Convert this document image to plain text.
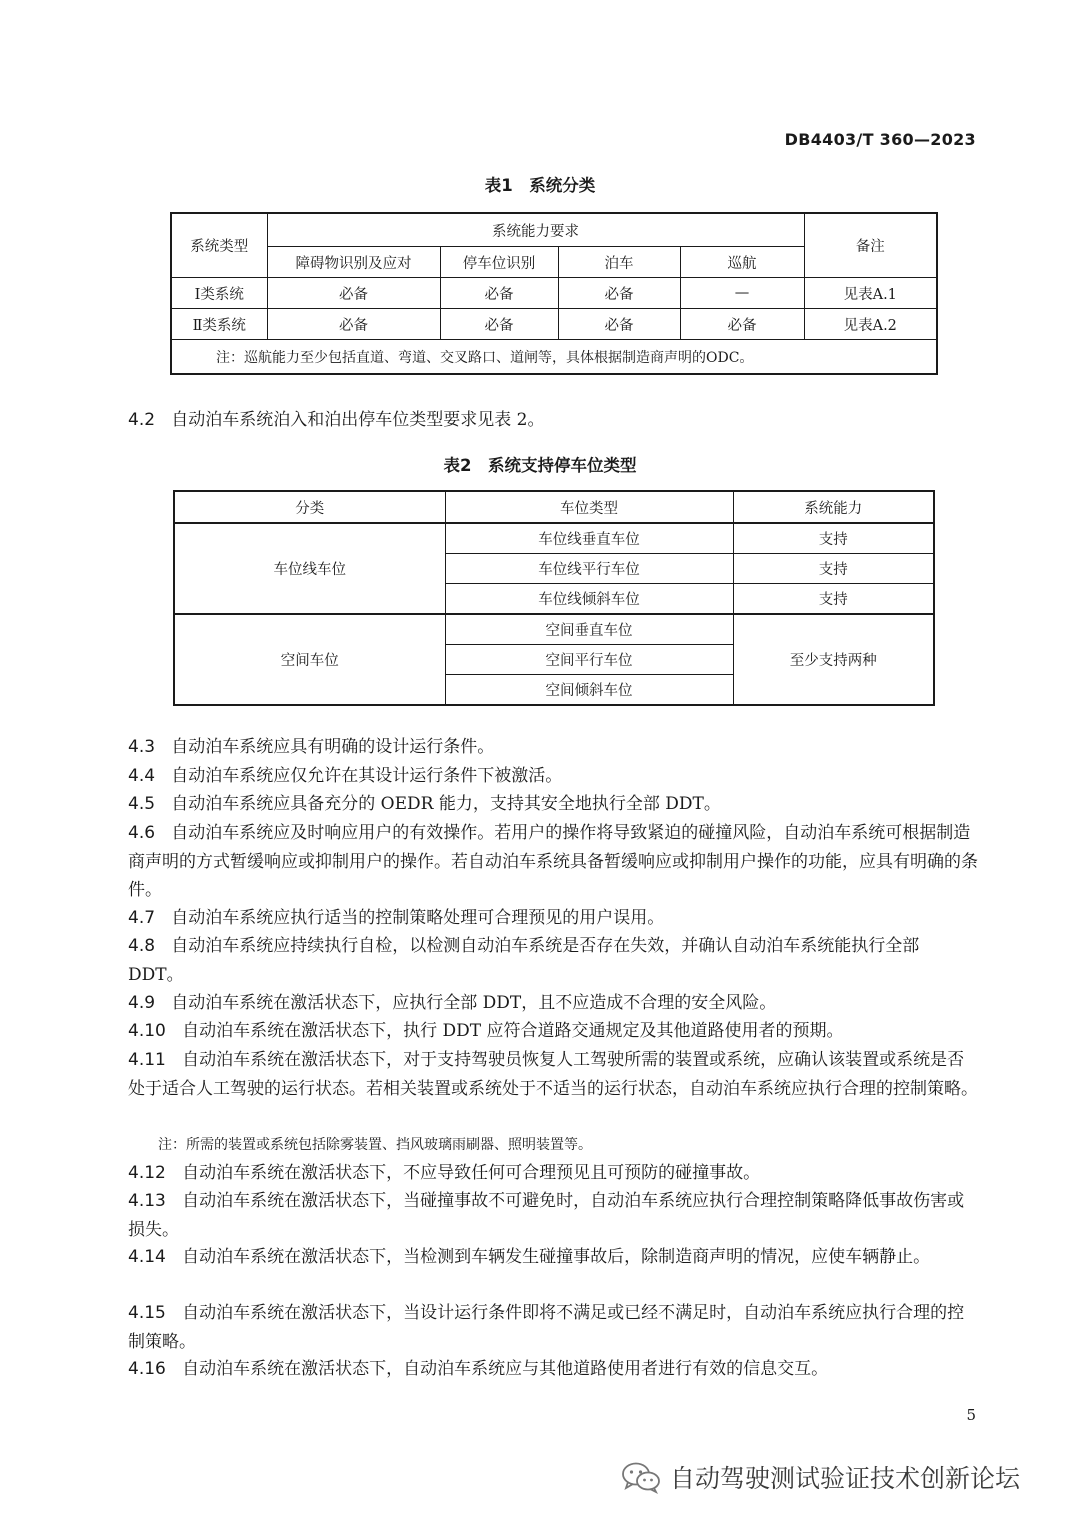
DB4403/T 360—2023
表1　系统分类
系统类型	系统能力要求				备注
	障碍物识别及应对	停车位识别	泊车	巡航	
Ⅰ类系统	必备	必备	必备	—	见表A.1
Ⅱ类系统	必备	必备	必备	必备	见表A.2
注：巡航能力至少包括直道、弯道、交叉路口、道闸等，具体根据制造商声明的ODC。					
4.2 自动泊车系统泊入和泊出停车位类型要求见表 2。
表2　系统支持停车位类型
分类	车位类型	系统能力
车位线车位	车位线垂直车位	支持
	车位线平行车位	支持
	车位线倾斜车位	支持
空间车位	空间垂直车位	至少支持两种
	空间平行车位	
	空间倾斜车位	
4.3 自动泊车系统应具有明确的设计运行条件。
4.4 自动泊车系统应仅允许在其设计运行条件下被激活。
4.5 自动泊车系统应具备充分的 OEDR 能力，支持其安全地执行全部 DDT。
4.6 自动泊车系统应及时响应用户的有效操作。若用户的操作将导致紧迫的碰撞风险，自动泊车系统可根据制造商声明的方式暂缓响应或抑制用户的操作。若自动泊车系统具备暂缓响应或抑制用户操作的功能，应具有明确的条件。
4.7 自动泊车系统应执行适当的控制策略处理可合理预见的用户误用。
4.8 自动泊车系统应持续执行自检，以检测自动泊车系统是否存在失效，并确认自动泊车系统能执行全部 DDT。
4.9 自动泊车系统在激活状态下，应执行全部 DDT，且不应造成不合理的安全风险。
4.10 自动泊车系统在激活状态下，执行 DDT 应符合道路交通规定及其他道路使用者的预期。
4.11 自动泊车系统在激活状态下，对于支持驾驶员恢复人工驾驶所需的装置或系统，应确认该装置或系统是否处于适合人工驾驶的运行状态。若相关装置或系统处于不适当的运行状态，自动泊车系统应执行合理的控制策略。
注：所需的装置或系统包括除雾装置、挡风玻璃雨刷器、照明装置等。
4.12 自动泊车系统在激活状态下，不应导致任何可合理预见且可预防的碰撞事故。
4.13 自动泊车系统在激活状态下，当碰撞事故不可避免时，自动泊车系统应执行合理控制策略降低事故伤害或损失。
4.14 自动泊车系统在激活状态下，当检测到车辆发生碰撞事故后，除制造商声明的情况，应使车辆静止。
4.15 自动泊车系统在激活状态下，当设计运行条件即将不满足或已经不满足时，自动泊车系统应执行合理的控制策略。
4.16 自动泊车系统在激活状态下，自动泊车系统应与其他道路使用者进行有效的信息交互。
5
自动驾驶测试验证技术创新论坛
